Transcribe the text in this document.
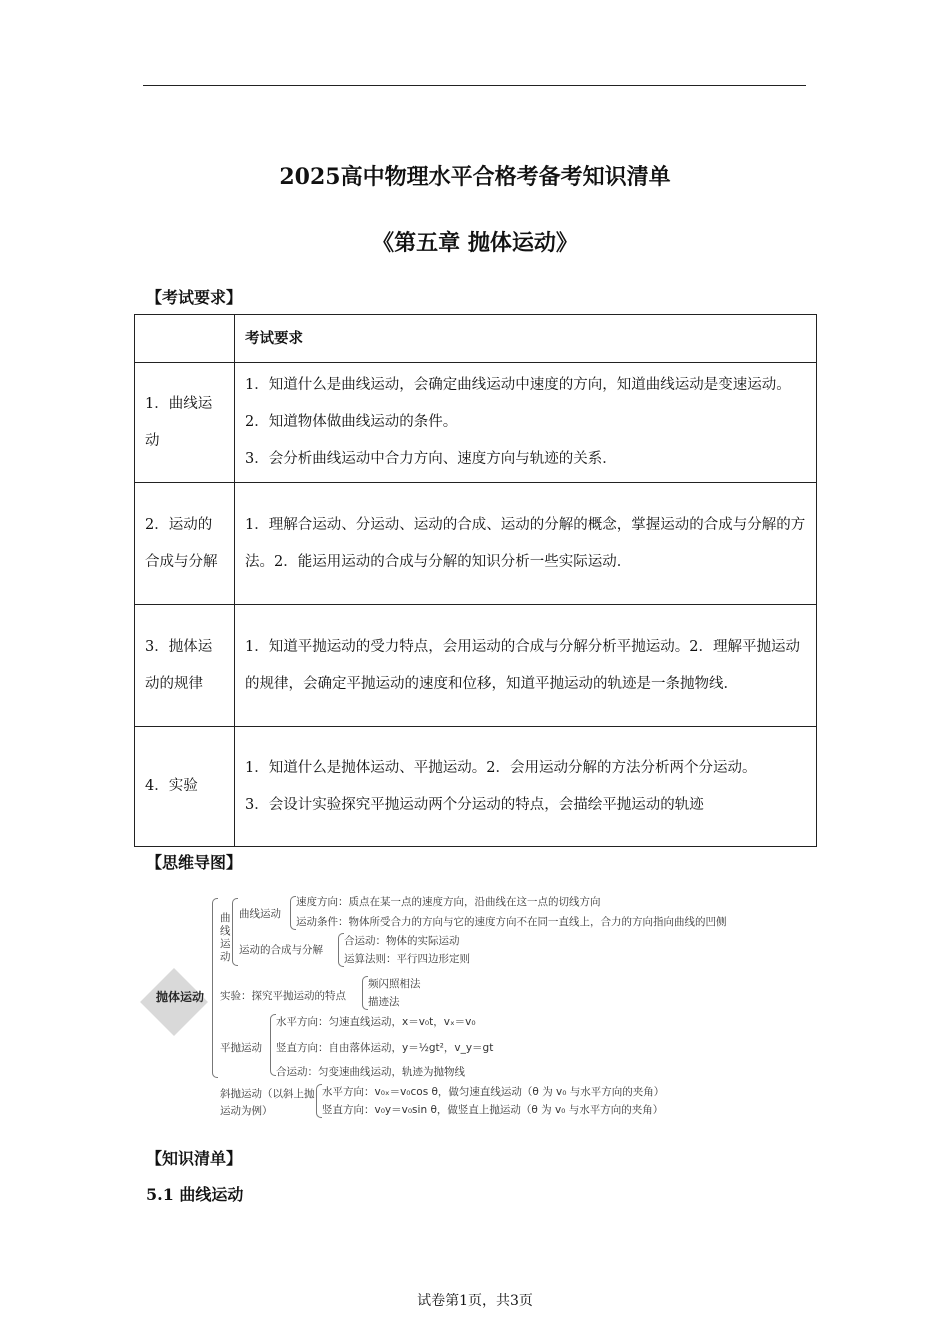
2025高中物理水平合格考备考知识清单
《第五章 抛体运动》
【考试要求】
	考试要求
1．曲线运动	1．知道什么是曲线运动，会确定曲线运动中速度的方向，知道曲线运动是变速运动。2．知道物体做曲线运动的条件。
3．会分析曲线运动中合力方向、速度方向与轨迹的关系．

2．运动的合成与分解	1．理解合运动、分运动、运动的合成、运动的分解的概念，掌握运动的合成与分解的方法。2．能运用运动的合成与分解的知识分析一些实际运动．

3．抛体运动的规律	1．知道平抛运动的受力特点，会用运动的合成与分解分析平抛运动。2．理解平抛运动的规律，会确定平抛运动的速度和位移，知道平抛运动的轨迹是一条抛物线．

4．实验	1．知道什么是抛体运动、平抛运动。2．会用运动分解的方法分析两个分运动。
3．会设计实验探究平抛运动两个分运动的特点，会描绘平抛运动的轨迹
【思维导图】
抛体运动
曲线运动
曲线运动
速度方向：质点在某一点的速度方向，沿曲线在这一点的切线方向
运动条件：物体所受合力的方向与它的速度方向不在同一直线上，合力的方向指向曲线的凹侧
运动的合成与分解
合运动：物体的实际运动
运算法则：平行四边形定则
实验：探究平抛运动的特点
频闪照相法
描迹法
平抛运动
水平方向：匀速直线运动，x＝v₀t，vₓ＝v₀
竖直方向：自由落体运动，y＝½gt²，v_y＝gt
合运动：匀变速曲线运动，轨迹为抛物线
斜抛运动（以斜上抛运动为例）
水平方向：v₀ₓ＝v₀cos θ，做匀速直线运动（θ 为 v₀ 与水平方向的夹角）
竖直方向：v₀y＝v₀sin θ，做竖直上抛运动（θ 为 v₀ 与水平方向的夹角）
【知识清单】
5.1 曲线运动
试卷第1页，共3页
